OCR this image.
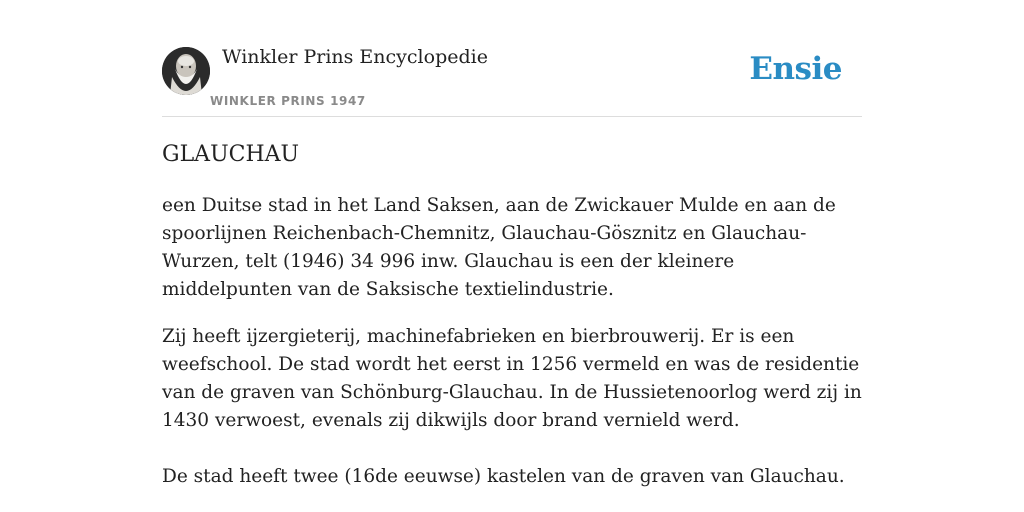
Winkler Prins Encyclopedie
WINKLER PRINS 1947
Ensie
GLAUCHAU

een Duitse stad in het Land Saksen, aan de Zwickauer Mulde en aan de spoorlijnen Reichenbach-Chemnitz, Glauchau-Gösznitz en Glauchau-Wurzen, telt (1946) 34 996 inw. Glauchau is een der kleinere middelpunten van de Saksische textielindustrie.

Zij heeft ijzergieterij, machinefabrieken en bierbrouwerij. Er is een weefschool. De stad wordt het eerst in 1256 vermeld en was de residentie van de graven van Schönburg-Glauchau. In de Hussietenoorlog werd zij in 1430 verwoest, evenals zij dikwijls door brand vernield werd.

De stad heeft twee (16de eeuwse) kastelen van de graven van Glauchau.
